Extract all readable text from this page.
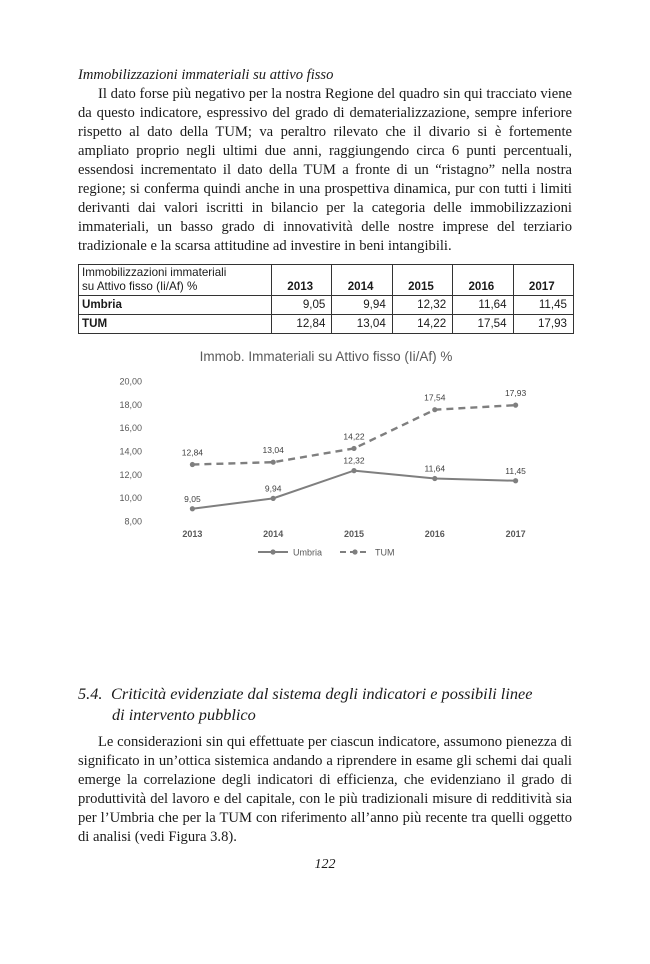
Immobilizzazioni immateriali su attivo fisso

Il dato forse più negativo per la nostra Regione del quadro sin qui tracciato viene da questo indicatore, espressivo del grado di dematerializzazione, sempre inferiore rispetto al dato della TUM; va peraltro rilevato che il divario si è fortemente ampliato proprio negli ultimi due anni, raggiungendo circa 6 punti percentuali, essendosi incrementato il dato della TUM a fronte di un “ristagno” nella nostra regione; si conferma quindi anche in una prospettiva dinamica, pur con tutti i limiti derivanti dai valori iscritti in bilancio per la categoria delle immobilizzazioni immateriali, un basso grado di innovatività delle nostre imprese del terziario tradizionale e la scarsa attitudine ad investire in beni intangibili.

Immobilizzazioni immateriali
su Attivo fisso (Ii/Af) %	2013	2014	2015	2016	2017
Umbria	9,05	9,94	12,32	11,64	11,45
TUM	12,84	13,04	14,22	17,54	17,93
Immob. Immateriali su Attivo fisso (Ii/Af) %
8,00
10,00
12,00
14,00
16,00
18,00
20,00
2013	2014	2015	2016	2017
9,05
9,94
12,32
11,64	11,45
12,84	13,04
14,22
17,54	17,93
Umbria	TUM
5.4. Criticità evidenziate dal sistema degli indicatori e possibili linee
di intervento pubblico

Le considerazioni sin qui effettuate per ciascun indicatore, assumono pienezza di significato in un’ottica sistemica andando a riprendere in esame gli schemi dai quali emerge la correlazione degli indicatori di efficienza, che evidenziano il grado di produttività del lavoro e del capitale, con le più tradizionali misure di redditività sia per l’Umbria che per la TUM con riferimento all’anno più recente tra quelli oggetto di analisi (vedi Figura 3.8).

122
